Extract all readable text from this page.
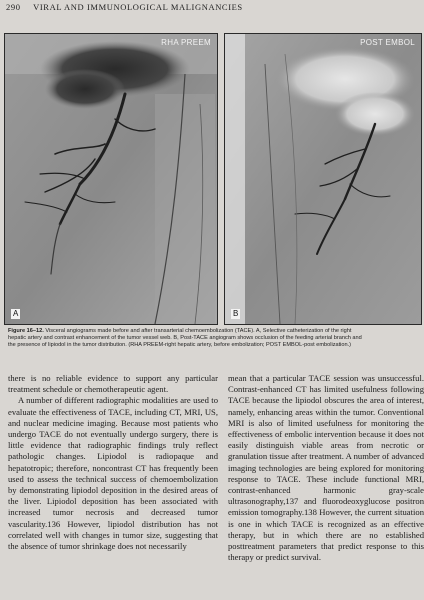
290 VIRAL AND IMMUNOLOGICAL MALIGNANCIES
RHA PREEM
A
POST EMBOL
B
Figure 16–12. Visceral angiograms made before and after transarterial chemoembolization (TACE). A, Selective catheterization of the right
hepatic artery and contrast enhancement of the tumor vessel web. B, Post-TACE angiogram shows occlusion of the feeding arterial branch and
the presence of lipiodol in the tumor distribution. (RHA PREEM-right hepatic artery, before embolization; POST EMBOL-post embolization.)

there is no reliable evidence to support any particular treatment schedule or chemotherapeutic agent.

A number of different radiographic modalities are used to evaluate the effectiveness of TACE, including CT, MRI, US, and nuclear medicine imaging. Because most patients who undergo TACE do not eventually undergo surgery, there is little evidence that radiographic findings truly reflect pathologic changes. Lipiodol is radiopaque and hepatotropic; therefore, noncontrast CT has frequently been used to assess the technical success of chemoembolization by demonstrating lipiodol deposition in the desired areas of the liver. Lipiodol deposition has been associated with increased tumor necrosis and decreased tumor vascularity.136 However, lipiodol distribution has not correlated well with changes in tumor size, suggesting that the absence of tumor shrinkage does not necessarily

mean that a particular TACE session was unsuccessful. Contrast-enhanced CT has limited usefulness following TACE because the lipiodol obscures the area of interest, namely, enhancing areas within the tumor. Conventional MRI is also of limited usefulness for monitoring the effectiveness of embolic intervention because it does not easily distinguish viable areas from necrotic or granulation tissue after treatment. A number of advanced imaging technologies are being explored for monitoring response to TACE. These include functional MRI, contrast-enhanced harmonic gray-scale ultrasonography,137 and fluorodeoxyglucose positron emission tomography.138 However, the current situation is one in which TACE is recognized as an effective therapy, but in which there are no established posttreatment parameters that predict response to this therapy or predict survival.
